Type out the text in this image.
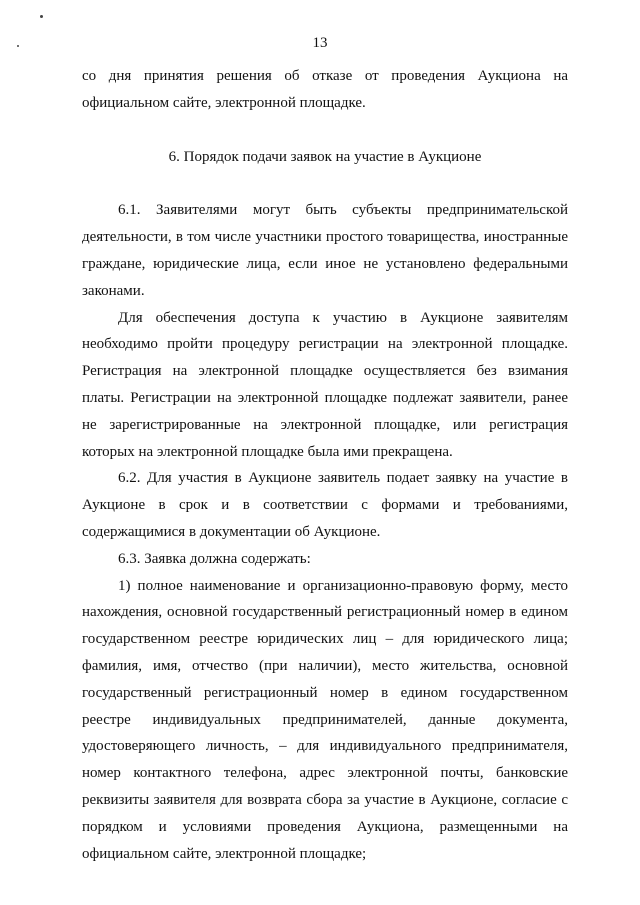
13

со дня принятия решения об отказе от проведения Аукциона на официальном сайте, электронной площадке.

6. Порядок подачи заявок на участие в Аукционе

6.1. Заявителями могут быть субъекты предпринимательской деятельности, в том числе участники простого товарищества, иностранные граждане, юридические лица, если иное не установлено федеральными законами.

Для обеспечения доступа к участию в Аукционе заявителям необходимо пройти процедуру регистрации на электронной площадке. Регистрация на электронной площадке осуществляется без взимания платы. Регистрации на электронной площадке подлежат заявители, ранее не зарегистрированные на электронной площадке, или регистрация которых на электронной площадке была ими прекращена.

6.2. Для участия в Аукционе заявитель подает заявку на участие в Аукционе в срок и в соответствии с формами и требованиями, содержащимися в документации об Аукционе.

6.3. Заявка должна содержать:

1) полное наименование и организационно-правовую форму, место нахождения, основной государственный регистрационный номер в едином государственном реестре юридических лиц – для юридического лица; фамилия, имя, отчество (при наличии), место жительства, основной государственный регистрационный номер в едином государственном реестре индивидуальных предпринимателей, данные документа, удостоверяющего личность, – для индивидуального предпринимателя, номер контактного телефона, адрес электронной почты, банковские реквизиты заявителя для возврата сбора за участие в Аукционе, согласие с порядком и условиями проведения Аукциона, размещенными на официальном сайте, электронной площадке;
